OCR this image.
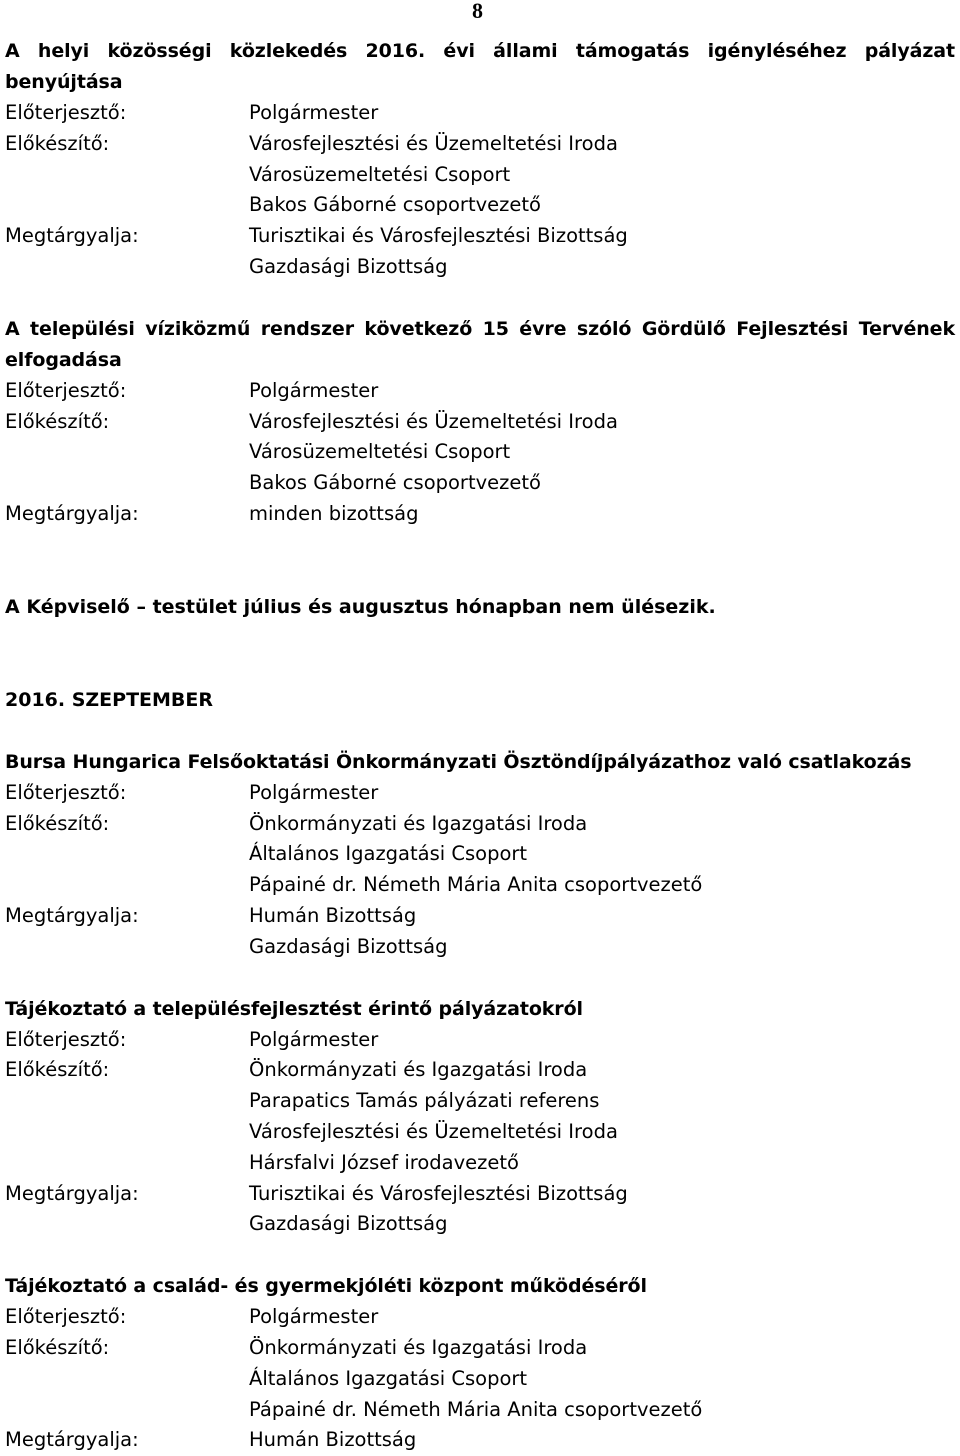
8
A helyi közösségi közlekedés 2016. évi állami támogatás igényléséhez pályázat benyújtása
Előterjesztő:	Polgármester
Előkészítő:	Városfejlesztési és Üzemeltetési Iroda
Városüzemeltetési Csoport
Bakos Gáborné csoportvezető
Megtárgyalja:	Turisztikai és Városfejlesztési Bizottság
Gazdasági Bizottság
A települési víziközmű rendszer következő 15 évre szóló Gördülő Fejlesztési Tervének elfogadása
Előterjesztő:	Polgármester
Előkészítő:	Városfejlesztési és Üzemeltetési Iroda
Városüzemeltetési Csoport
Bakos Gáborné csoportvezető
Megtárgyalja:	minden bizottság
A Képviselő – testület július és augusztus hónapban nem ülésezik.
2016. SZEPTEMBER
Bursa Hungarica Felsőoktatási Önkormányzati Ösztöndíjpályázathoz való csatlakozás
Előterjesztő:	Polgármester
Előkészítő:	Önkormányzati és Igazgatási Iroda
Általános Igazgatási Csoport
Pápainé dr. Németh Mária Anita csoportvezető
Megtárgyalja:	Humán Bizottság
Gazdasági Bizottság
Tájékoztató a településfejlesztést érintő pályázatokról
Előterjesztő:	Polgármester
Előkészítő:	Önkormányzati és Igazgatási Iroda
Parapatics Tamás pályázati referens
Városfejlesztési és Üzemeltetési Iroda
Hársfalvi József irodavezető
Megtárgyalja:	Turisztikai és Városfejlesztési Bizottság
Gazdasági Bizottság
Tájékoztató a család- és gyermekjóléti központ működéséről
Előterjesztő:	Polgármester
Előkészítő:	Önkormányzati és Igazgatási Iroda
Általános Igazgatási Csoport
Pápainé dr. Németh Mária Anita csoportvezető
Megtárgyalja:	Humán Bizottság
